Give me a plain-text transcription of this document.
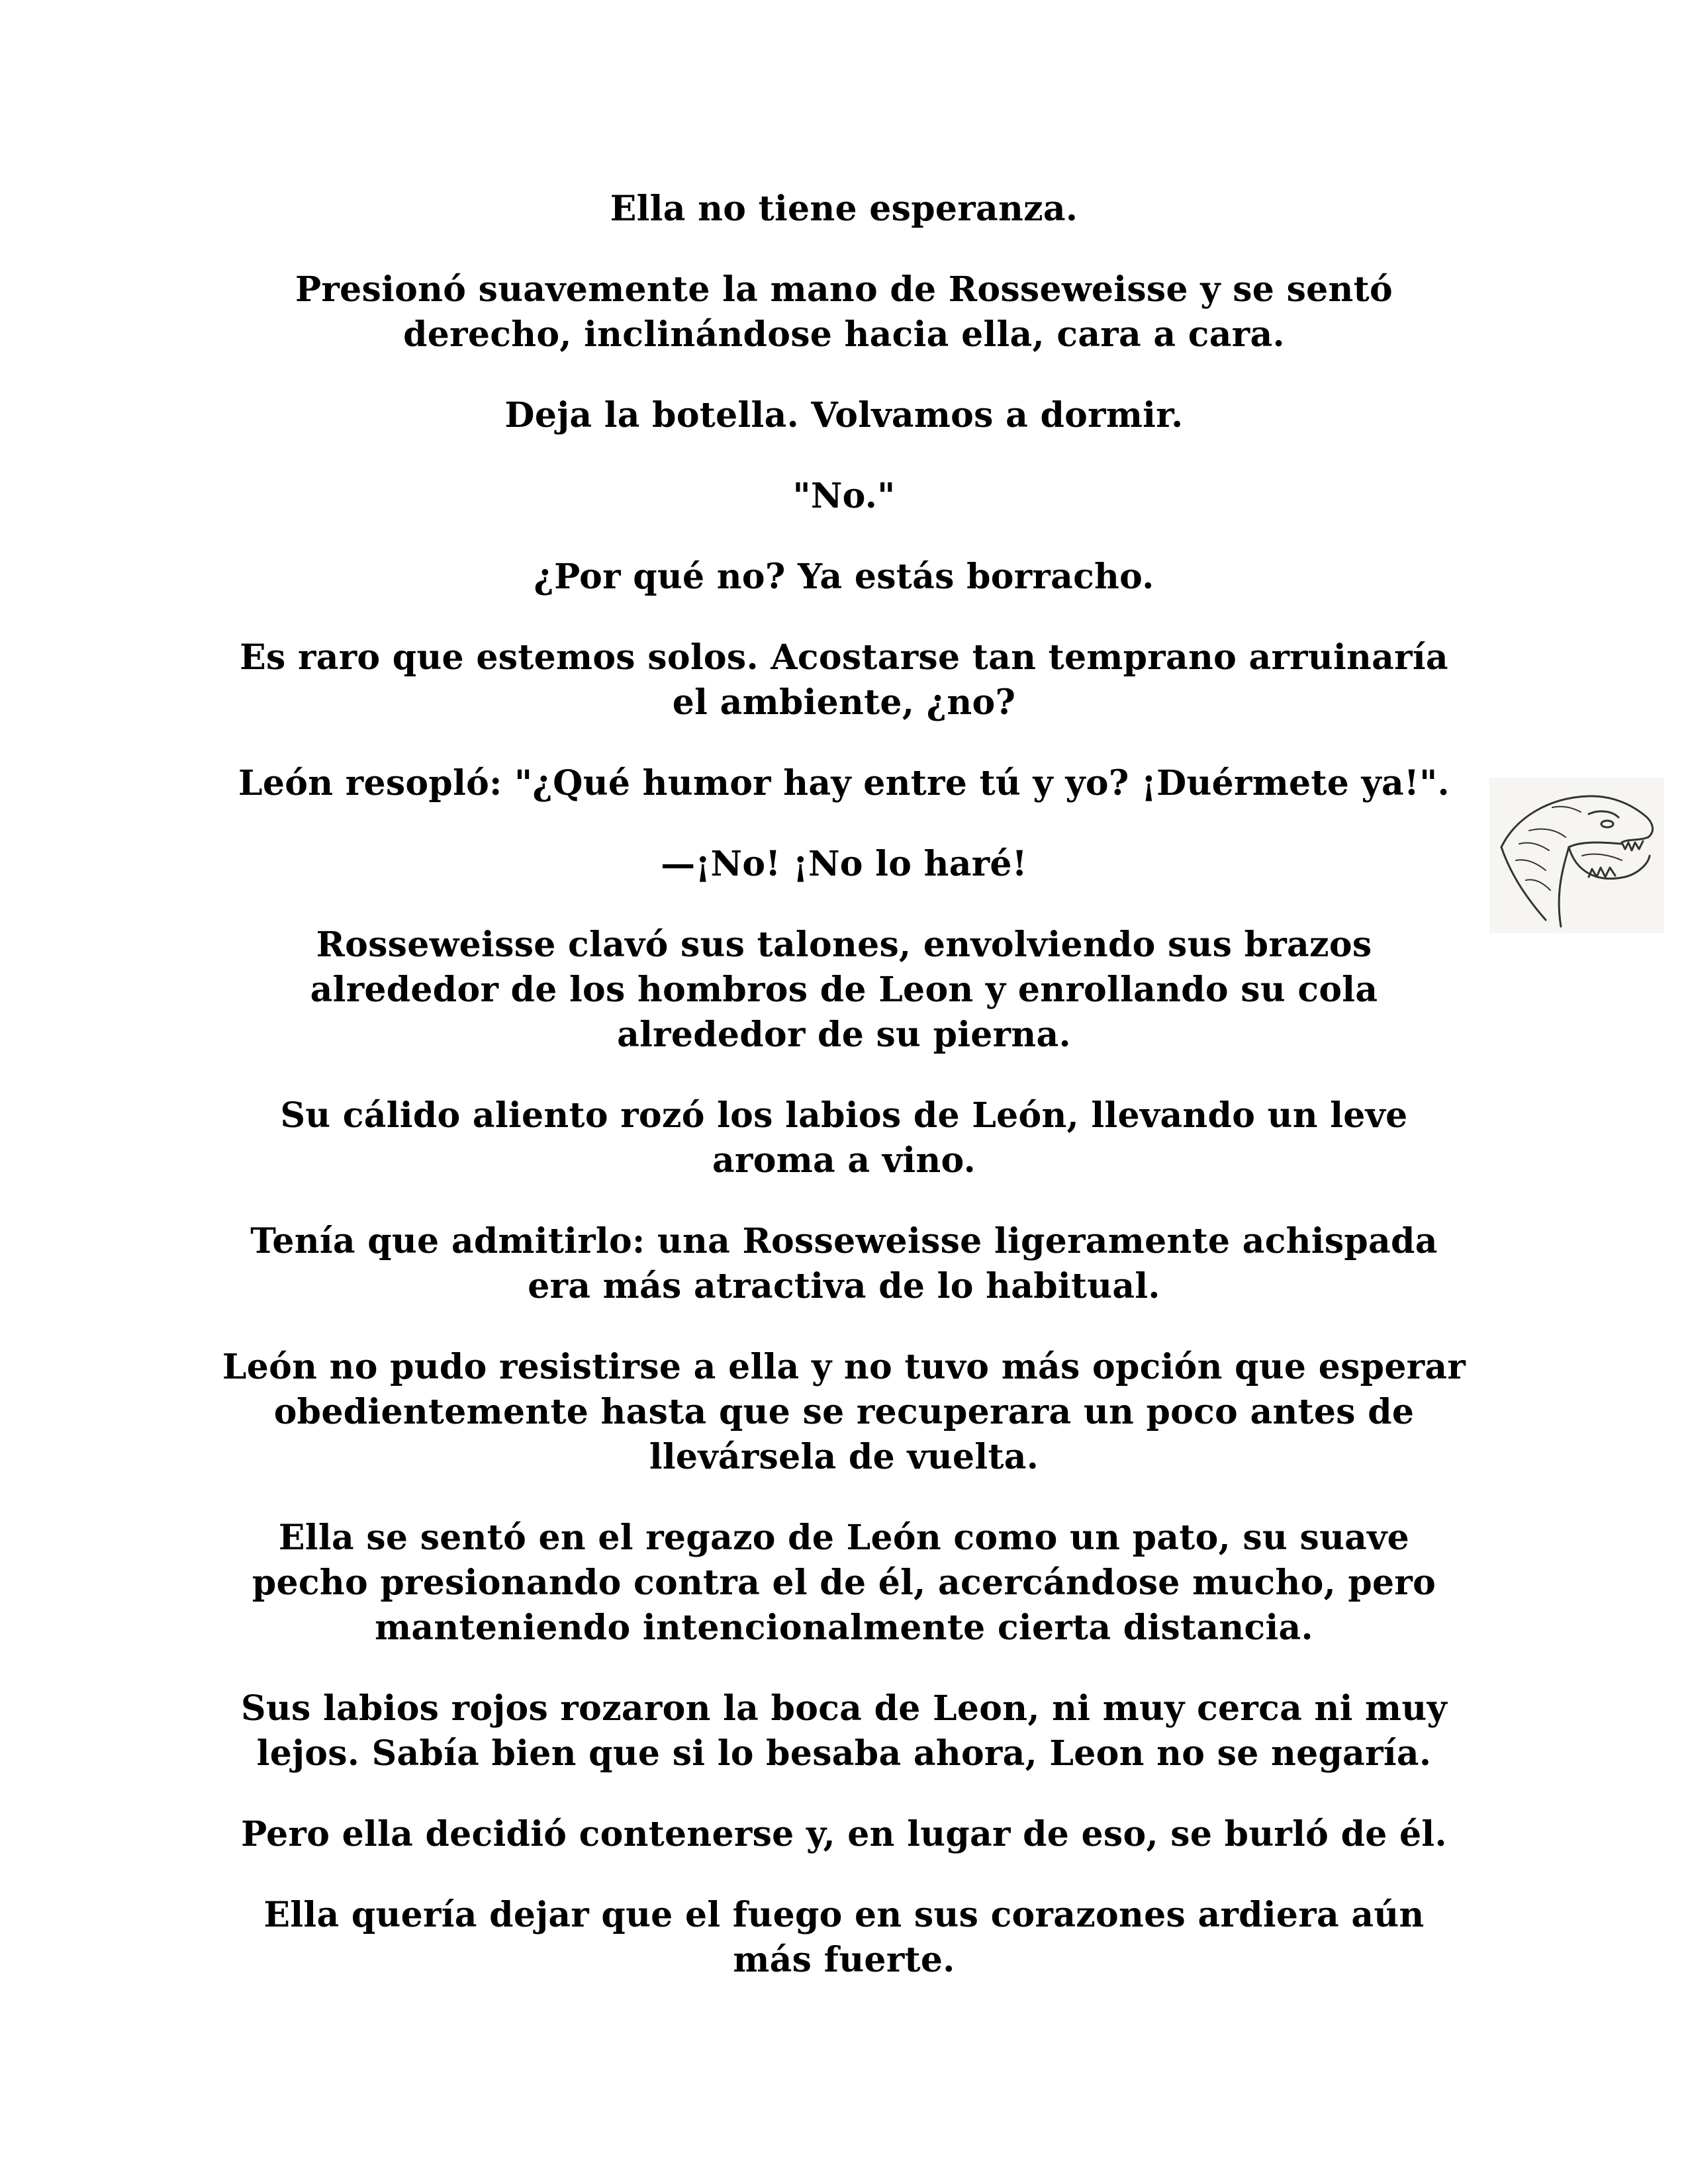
Ella no tiene esperanza.

Presionó suavemente la mano de Rosseweisse y se sentó derecho, inclinándose hacia ella, cara a cara.

Deja la botella. Volvamos a dormir.

"No."

¿Por qué no? Ya estás borracho.

Es raro que estemos solos. Acostarse tan temprano arruinaría el ambiente, ¿no?

León resopló: "¿Qué humor hay entre tú y yo? ¡Duérmete ya!".

—¡No! ¡No lo haré!

Rosseweisse clavó sus talones, envolviendo sus brazos alrededor de los hombros de Leon y enrollando su cola alrededor de su pierna.

Su cálido aliento rozó los labios de León, llevando un leve aroma a vino.

Tenía que admitirlo: una Rosseweisse ligeramente achispada era más atractiva de lo habitual.

León no pudo resistirse a ella y no tuvo más opción que esperar obedientemente hasta que se recuperara un poco antes de llevársela de vuelta.

Ella se sentó en el regazo de León como un pato, su suave pecho presionando contra el de él, acercándose mucho, pero manteniendo intencionalmente cierta distancia.

Sus labios rojos rozaron la boca de Leon, ni muy cerca ni muy lejos. Sabía bien que si lo besaba ahora, Leon no se negaría.

Pero ella decidió contenerse y, en lugar de eso, se burló de él.

Ella quería dejar que el fuego en sus corazones ardiera aún más fuerte.
